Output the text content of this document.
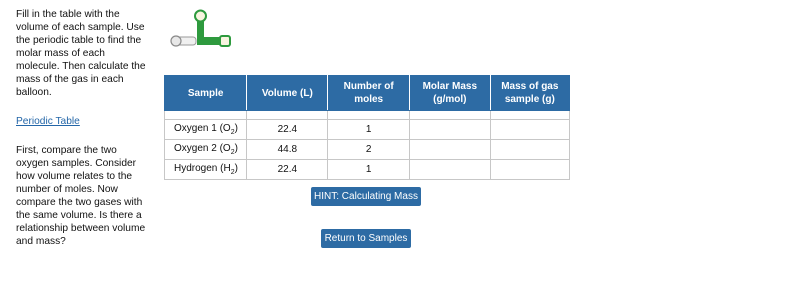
Fill in the table with the volume of each sample. Use the periodic table to find the molar mass of each molecule. Then calculate the mass of the gas in each balloon.

Periodic Table

First, compare the two oxygen samples. Consider how volume relates to the number of moles. Now compare the two gases with the same volume. Is there a relationship between volume and mass?

Sample	Volume (L)	Number of moles	Molar Mass (g/mol)	Mass of gas sample (g)

Oxygen 1 $(O_2)$	22.4	1		
Oxygen 2 $(O_2)$	44.8	2		
Hydrogen $(H_2)$	22.4	1		
HINT: Calculating Mass
Return to Samples
